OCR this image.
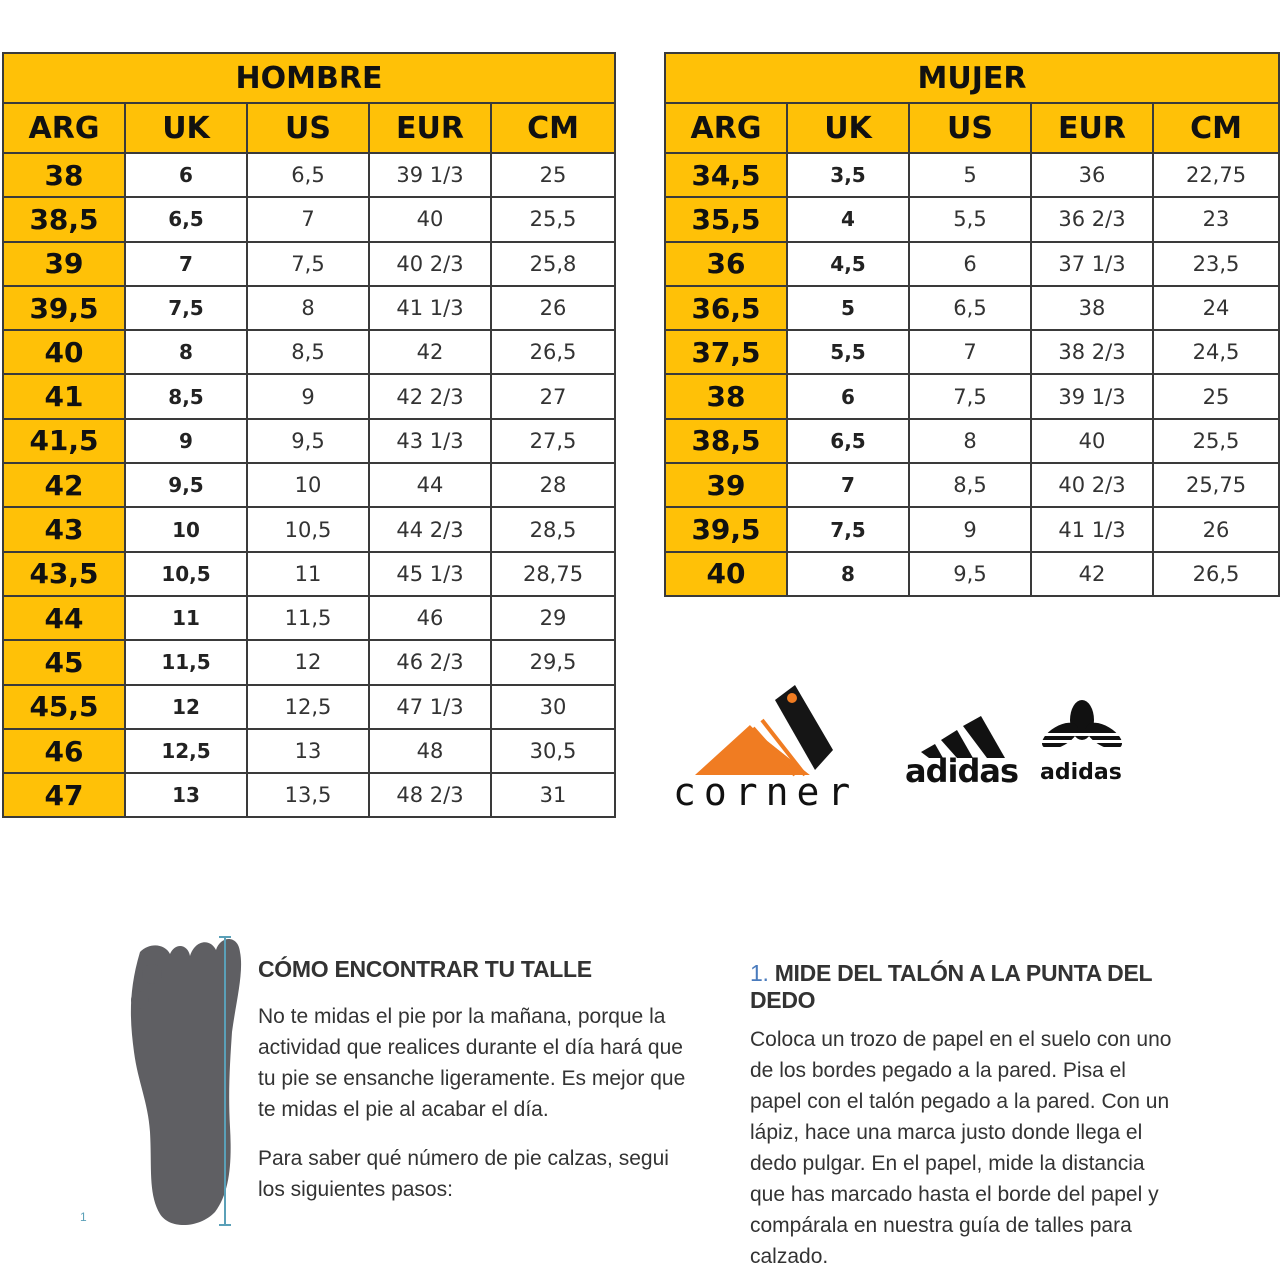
HOMBRE				
ARG	UK	US	EUR	CM
38	6	6,5	39 1/3	25
38,5	6,5	7	40	25,5
39	7	7,5	40 2/3	25,8
39,5	7,5	8	41 1/3	26
40	8	8,5	42	26,5
41	8,5	9	42 2/3	27
41,5	9	9,5	43 1/3	27,5
42	9,5	10	44	28
43	10	10,5	44 2/3	28,5
43,5	10,5	11	45 1/3	28,75
44	11	11,5	46	29
45	11,5	12	46 2/3	29,5
45,5	12	12,5	47 1/3	30
46	12,5	13	48	30,5
47	13	13,5	48 2/3	31
MUJER				
ARG	UK	US	EUR	CM
34,5	3,5	5	36	22,75
35,5	4	5,5	36 2/3	23
36	4,5	6	37 1/3	23,5
36,5	5	6,5	38	24
37,5	5,5	7	38 2/3	24,5
38	6	7,5	39 1/3	25
38,5	6,5	8	40	25,5
39	7	8,5	40 2/3	25,75
39,5	7,5	9	41 1/3	26
40	8	9,5	42	26,5
corner adidas adidas
1
CÓMO ENCONTRAR TU TALLE

No te midas el pie por la mañana, porque la actividad que realices durante el día hará que tu pie se ensanche ligeramente. Es mejor que te midas el pie al acabar el día.

Para saber qué número de pie calzas, segui los siguientes pasos:

1. MIDE DEL TALÓN A LA PUNTA DEL DEDO

Coloca un trozo de papel en el suelo con uno de los bordes pegado a la pared. Pisa el papel con el talón pegado a la pared. Con un lápiz, hace una marca justo donde llega el dedo pulgar. En el papel, mide la distancia que has marcado hasta el borde del papel y compárala en nuestra guía de talles para calzado.
